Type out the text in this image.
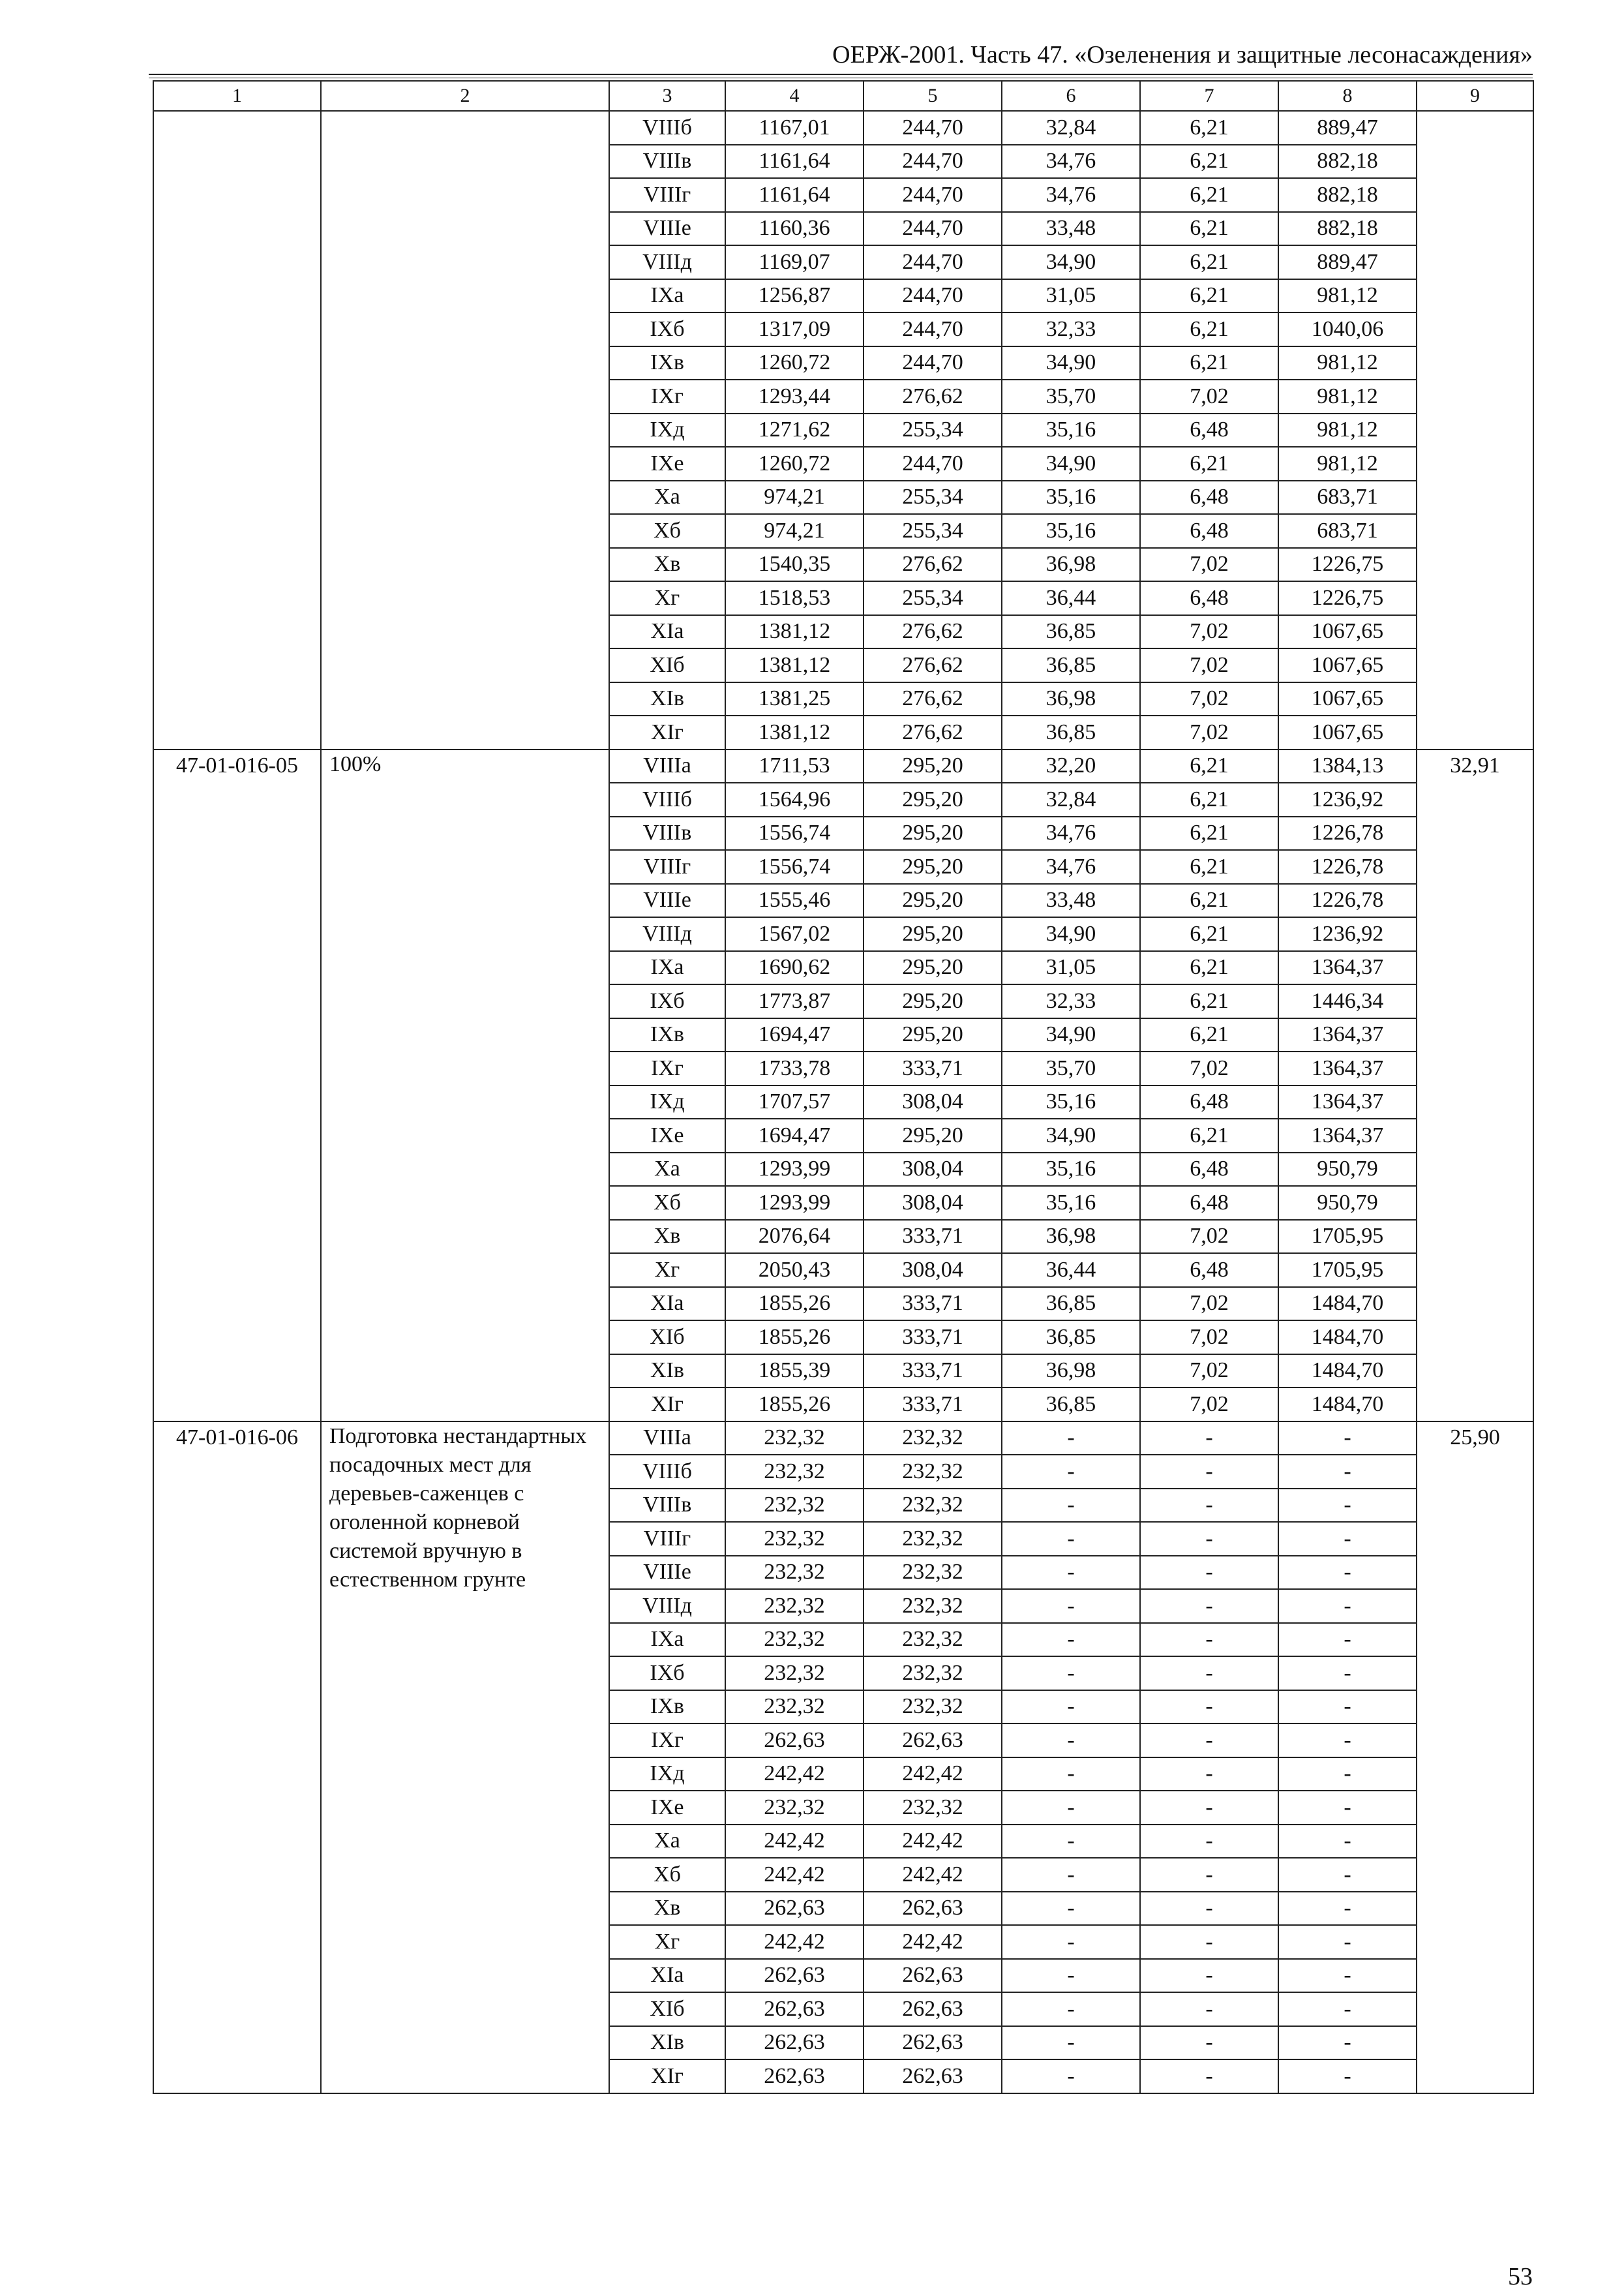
ОЕРЖ-2001. Часть 47. «Озеленения и защитные лесонасаждения»
1	2	3	4	5	6	7	8	9
		VIIIб	1167,01	244,70	32,84	6,21	889,47	
		VIIIв	1161,64	244,70	34,76	6,21	882,18	
		VIIIг	1161,64	244,70	34,76	6,21	882,18	
		VIIIе	1160,36	244,70	33,48	6,21	882,18	
		VIIIд	1169,07	244,70	34,90	6,21	889,47	
		IXа	1256,87	244,70	31,05	6,21	981,12	
		IXб	1317,09	244,70	32,33	6,21	1040,06	
		IXв	1260,72	244,70	34,90	6,21	981,12	
		IXг	1293,44	276,62	35,70	7,02	981,12	
		IXд	1271,62	255,34	35,16	6,48	981,12	
		IXе	1260,72	244,70	34,90	6,21	981,12	
		Xа	974,21	255,34	35,16	6,48	683,71	
		Xб	974,21	255,34	35,16	6,48	683,71	
		Xв	1540,35	276,62	36,98	7,02	1226,75	
		Xг	1518,53	255,34	36,44	6,48	1226,75	
		XIа	1381,12	276,62	36,85	7,02	1067,65	
		XIб	1381,12	276,62	36,85	7,02	1067,65	
		XIв	1381,25	276,62	36,98	7,02	1067,65	
		XIг	1381,12	276,62	36,85	7,02	1067,65	
47-01-016-05	100%	VIIIа	1711,53	295,20	32,20	6,21	1384,13	32,91
		VIIIб	1564,96	295,20	32,84	6,21	1236,92	
		VIIIв	1556,74	295,20	34,76	6,21	1226,78	
		VIIIг	1556,74	295,20	34,76	6,21	1226,78	
		VIIIе	1555,46	295,20	33,48	6,21	1226,78	
		VIIIд	1567,02	295,20	34,90	6,21	1236,92	
		IXа	1690,62	295,20	31,05	6,21	1364,37	
		IXб	1773,87	295,20	32,33	6,21	1446,34	
		IXв	1694,47	295,20	34,90	6,21	1364,37	
		IXг	1733,78	333,71	35,70	7,02	1364,37	
		IXд	1707,57	308,04	35,16	6,48	1364,37	
		IXе	1694,47	295,20	34,90	6,21	1364,37	
		Xа	1293,99	308,04	35,16	6,48	950,79	
		Xб	1293,99	308,04	35,16	6,48	950,79	
		Xв	2076,64	333,71	36,98	7,02	1705,95	
		Xг	2050,43	308,04	36,44	6,48	1705,95	
		XIа	1855,26	333,71	36,85	7,02	1484,70	
		XIб	1855,26	333,71	36,85	7,02	1484,70	
		XIв	1855,39	333,71	36,98	7,02	1484,70	
		XIг	1855,26	333,71	36,85	7,02	1484,70	
47-01-016-06	Подготовка нестандартных посадочных мест для деревьев-саженцев с оголенной корневой системой вручную в естественном грунте	VIIIа	232,32	232,32	-	-	-	25,90
		VIIIб	232,32	232,32	-	-	-	
		VIIIв	232,32	232,32	-	-	-	
		VIIIг	232,32	232,32	-	-	-	
		VIIIе	232,32	232,32	-	-	-	
		VIIIд	232,32	232,32	-	-	-	
		IXа	232,32	232,32	-	-	-	
		IXб	232,32	232,32	-	-	-	
		IXв	232,32	232,32	-	-	-	
		IXг	262,63	262,63	-	-	-	
		IXд	242,42	242,42	-	-	-	
		IXе	232,32	232,32	-	-	-	
		Xа	242,42	242,42	-	-	-	
		Xб	242,42	242,42	-	-	-	
		Xв	262,63	262,63	-	-	-	
		Xг	242,42	242,42	-	-	-	
		XIа	262,63	262,63	-	-	-	
		XIб	262,63	262,63	-	-	-	
		XIв	262,63	262,63	-	-	-	
		XIг	262,63	262,63	-	-	-	
53
